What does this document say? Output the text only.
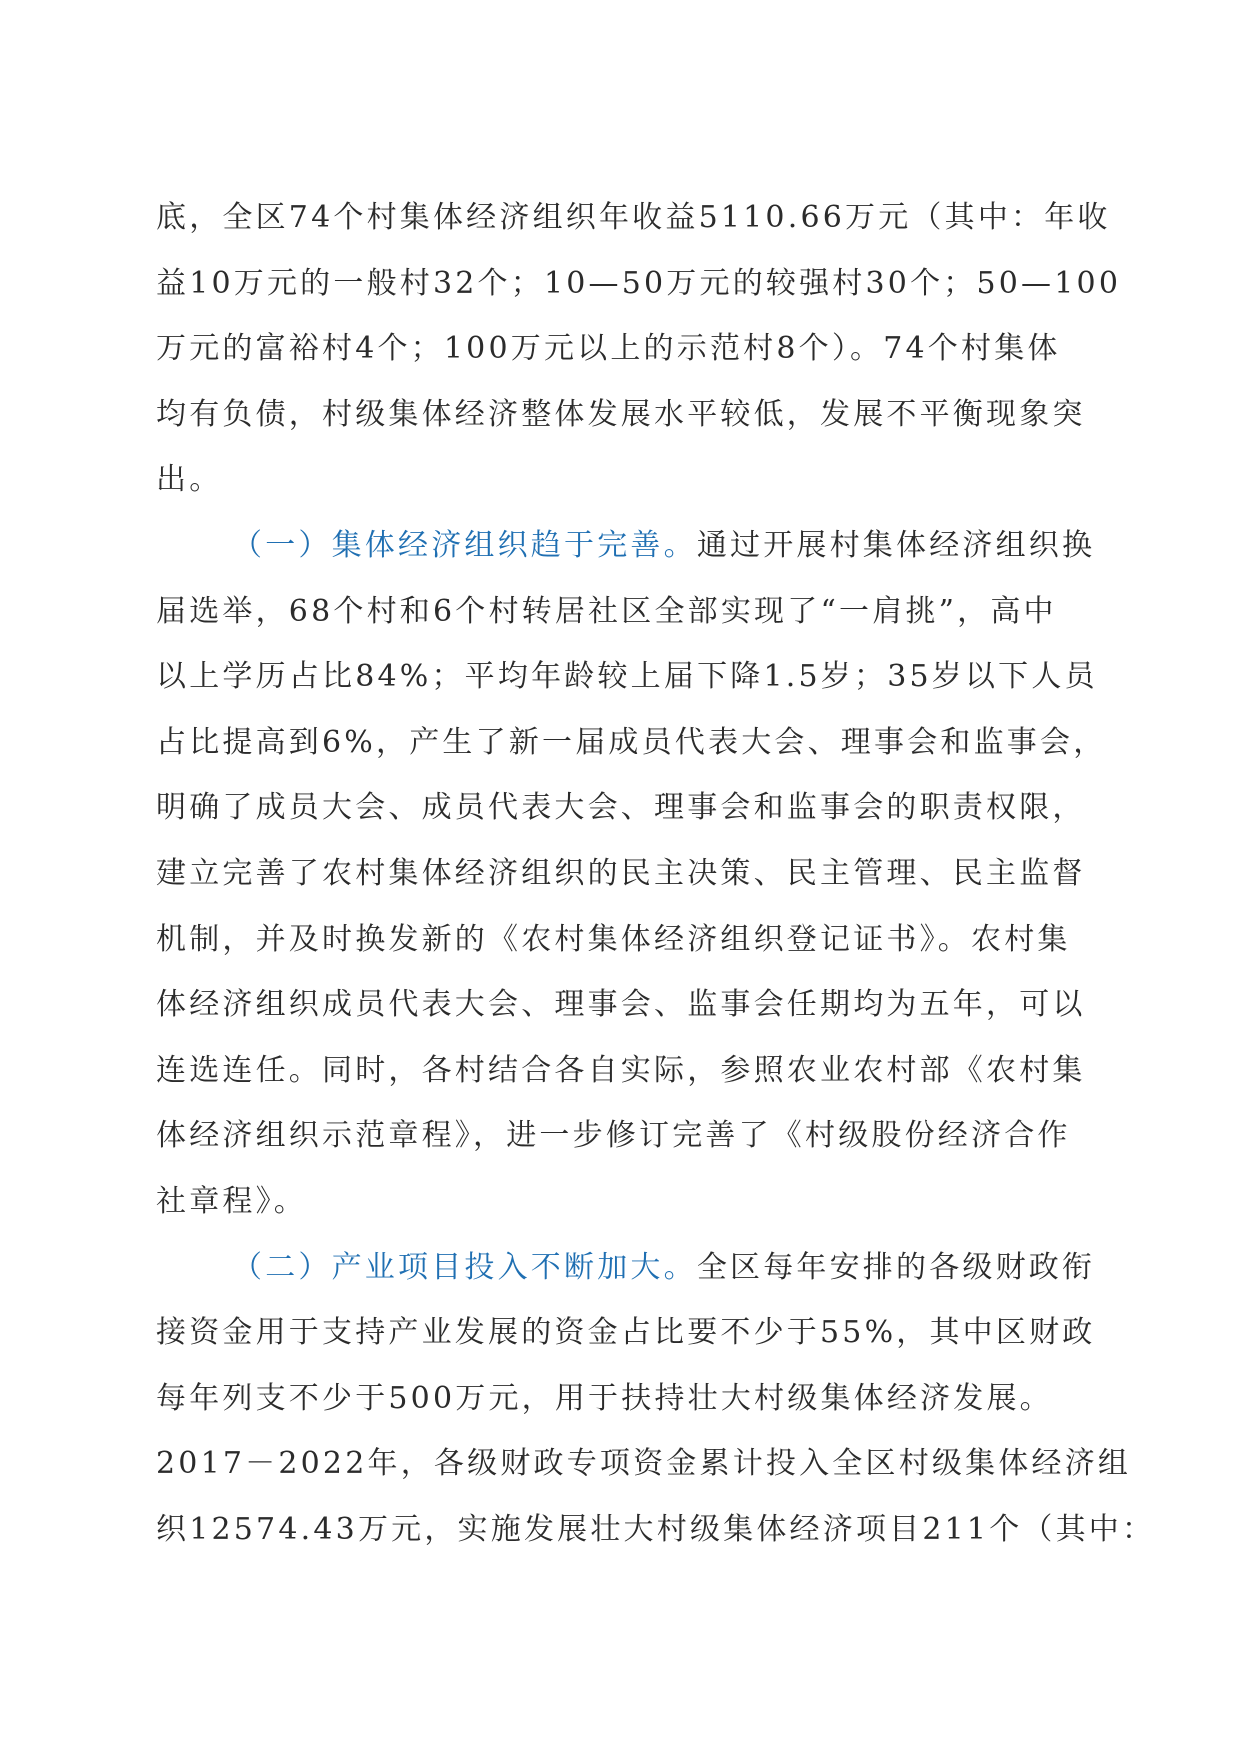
底，全区74个村集体经济组织年收益5110.66万元（其中：年收
益10万元的一般村32个；10—50万元的较强村30个；50—100
万元的富裕村4个；100万元以上的示范村8个）。74个村集体
均有负债，村级集体经济整体发展水平较低，发展不平衡现象突
出。
（一）集体经济组织趋于完善。通过开展村集体经济组织换
届选举，68个村和6个村转居社区全部实现了“一肩挑”，高中
以上学历占比84%；平均年龄较上届下降1.5岁；35岁以下人员
占比提高到6%，产生了新一届成员代表大会、理事会和监事会，
明确了成员大会、成员代表大会、理事会和监事会的职责权限，
建立完善了农村集体经济组织的民主决策、民主管理、民主监督
机制，并及时换发新的《农村集体经济组织登记证书》。农村集
体经济组织成员代表大会、理事会、监事会任期均为五年，可以
连选连任。同时，各村结合各自实际，参照农业农村部《农村集
体经济组织示范章程》，进一步修订完善了《村级股份经济合作
社章程》。
（二）产业项目投入不断加大。全区每年安排的各级财政衔
接资金用于支持产业发展的资金占比要不少于55%，其中区财政
每年列支不少于500万元，用于扶持壮大村级集体经济发展。
2017－2022年，各级财政专项资金累计投入全区村级集体经济组
织12574.43万元，实施发展壮大村级集体经济项目211个（其中：
